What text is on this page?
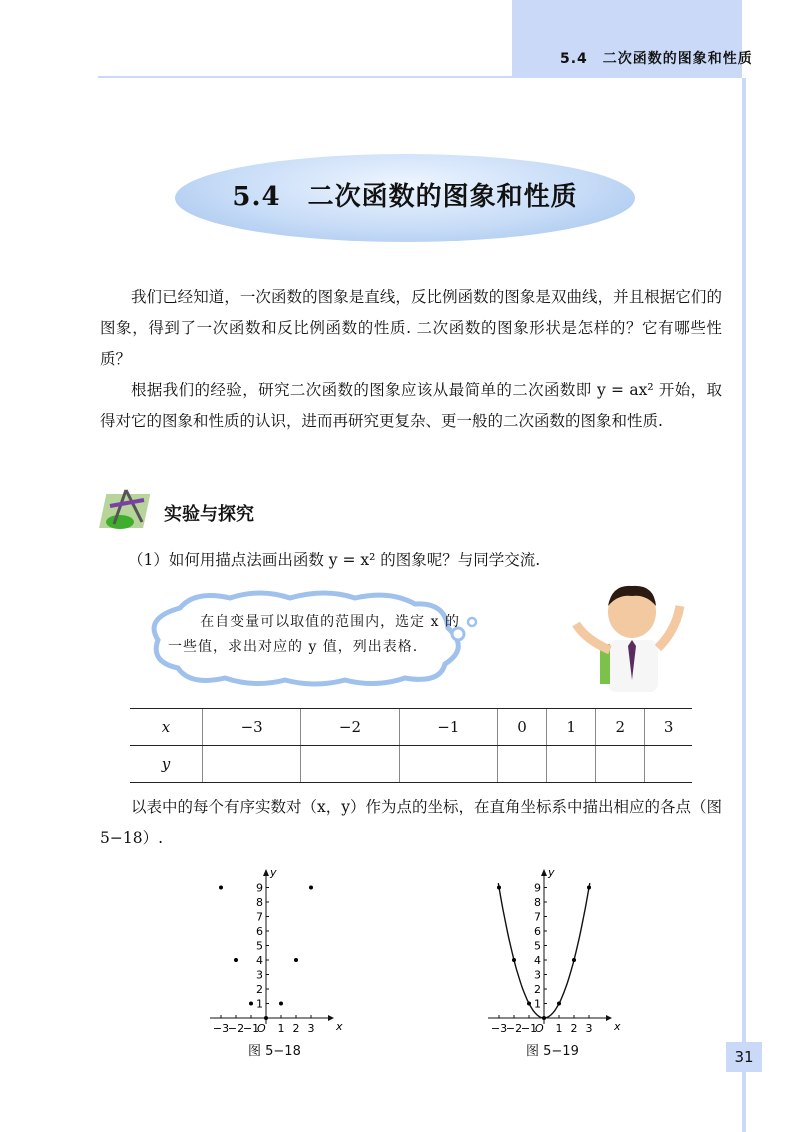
5.4　二次函数的图象和性质
5.4　二次函数的图象和性质
我们已经知道，一次函数的图象是直线，反比例函数的图象是双曲线，并且根据它们的图象，得到了一次函数和反比例函数的性质. 二次函数的图象形状是怎样的？它有哪些性质？
根据我们的经验，研究二次函数的图象应该从最简单的二次函数即 y = ax² 开始，取得对它的图象和性质的认识，进而再研究更复杂、更一般的二次函数的图象和性质.
实验与探究
（1）如何用描点法画出函数 y = x² 的图象呢？与同学交流.
在自变量可以取值的范围内，选定 x 的一些值，求出对应的 y 值，列出表格.
x	−3	−2	−1	0	1	2	3
y							
以表中的每个有序实数对（x，y）作为点的坐标，在直角坐标系中描出相应的各点（图 5−18）.
x
y
O
−3
−2
−1 1 2 3
1
2
3
4
5
6
7
8
9
x
y
O
−3
−2
−1 1 2 3
1
2
3
4
5
6
7
8
9
图 5−18	图 5−19	31
